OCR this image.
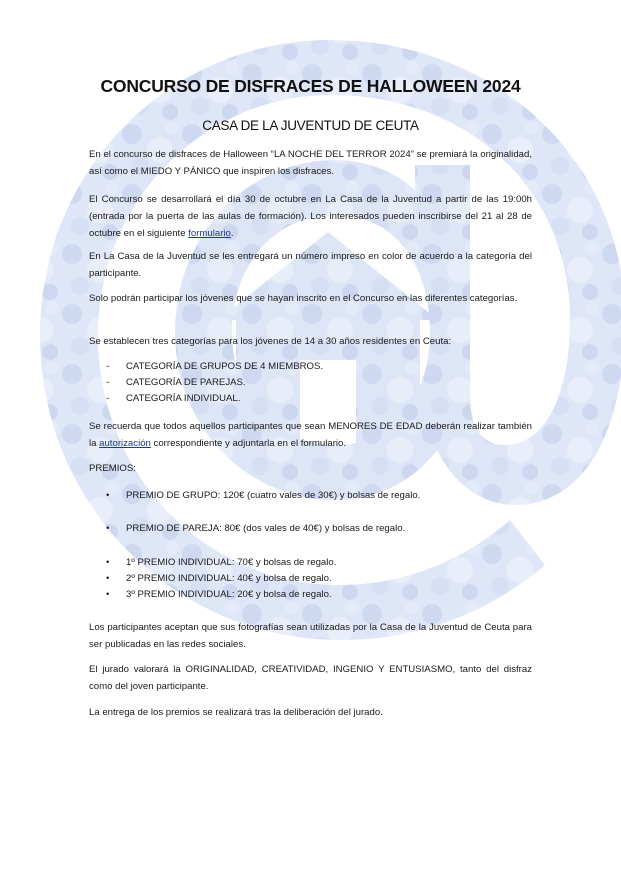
CONCURSO DE DISFRACES DE HALLOWEEN 2024
CASA DE LA JUVENTUD DE CEUTA

En el concurso de disfraces de Halloween “LA NOCHE DEL TERROR 2024” se premiará la originalidad, así como el MIEDO Y PÁNICO que inspiren los disfraces.

El Concurso se desarrollará el día 30 de octubre en La Casa de la Juventud a partir de las 19:00h (entrada por la puerta de las aulas de formación). Los interesados pueden inscribirse del 21 al 28 de octubre en el siguiente formulario.

En La Casa de la Juventud se les entregará un número impreso en color de acuerdo a la categoría del participante.

Solo podrán participar los jóvenes que se hayan inscrito en el Concurso en las diferentes categorías.

Se establecen tres categorías para los jóvenes de 14 a 30 años residentes en Ceuta:

- CATEGORÍA DE GRUPOS DE 4 MIEMBROS.
- CATEGORÍA DE PAREJAS.
- CATEGORÍA INDIVIDUAL.

Se recuerda que todos aquellos participantes que sean MENORES DE EDAD deberán realizar también la autorización correspondiente y adjuntarla en el formulario.

PREMIOS:

• PREMIO DE GRUPO: 120€ (cuatro vales de 30€) y bolsas de regalo.
• PREMIO DE PAREJA: 80€ (dos vales de 40€) y bolsas de regalo.
• 1º PREMIO INDIVIDUAL: 70€ y bolsas de regalo.
• 2º PREMIO INDIVIDUAL: 40€ y bolsa de regalo.
• 3º PREMIO INDIVIDUAL: 20€ y bolsa de regalo.

Los participantes aceptan que sus fotografías sean utilizadas por la Casa de la Juventud de Ceuta para ser publicadas en las redes sociales.

El jurado valorará la ORIGINALIDAD, CREATIVIDAD, INGENIO Y ENTUSIASMO, tanto del disfraz como del joven participante.

La entrega de los premios se realizará tras la deliberación del jurado.
